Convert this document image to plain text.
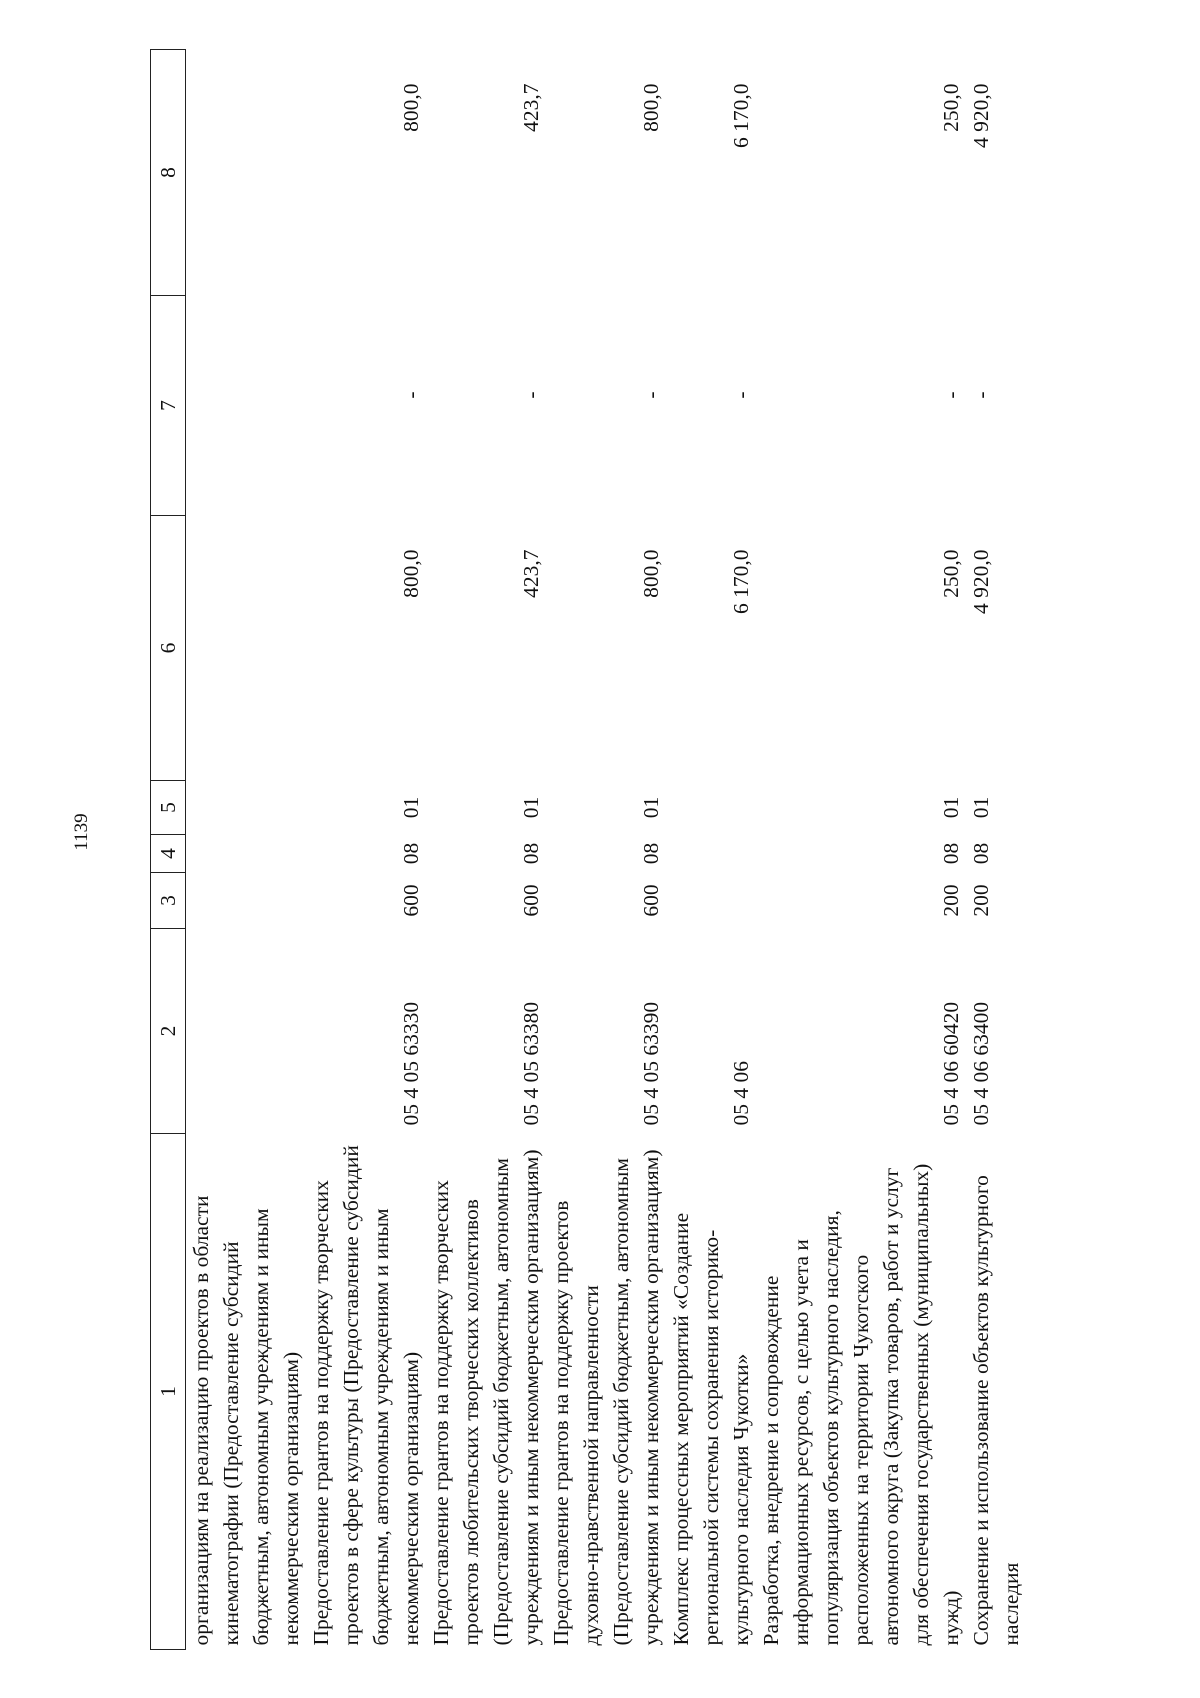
1139
1	2	3	4	5	6	7	8
организациям на реализацию проектов в области кинематографии (Предоставление субсидий бюджетным, автономным учреждениям и иным некоммерческим организациям)							
Предоставление грантов на поддержку творческих проектов в сфере культуры (Предоставление субсидий бюджетным, автономным учреждениям и иным некоммерческим организациям)	05 4 05 63330	600	08	01	800,0	-	800,0
Предоставление грантов на поддержку творческих проектов любительских творческих коллективов (Предоставление субсидий бюджетным, автономным учреждениям и иным некоммерческим организациям)	05 4 05 63380	600	08	01	423,7	-	423,7
Предоставление грантов на поддержку проектов духовно-нравственной направленности (Предоставление субсидий бюджетным, автономным учреждениям и иным некоммерческим организациям)	05 4 05 63390	600	08	01	800,0	-	800,0
Комплекс процессных мероприятий «Создание региональной системы сохранения историко-культурного наследия Чукотки»	05 4 06				6 170,0	-	6 170,0
Разработка, внедрение и сопровождение информационных ресурсов, с целью учета и популяризация объектов культурного наследия, расположенных на территории Чукотского автономного округа (Закупка товаров, работ и услуг для обеспечения государственных (муниципальных) нужд)	05 4 06 60420	200	08	01	250,0	-	250,0

Сохранение и использование объектов культурного наследия	05 4 06 63400	200	08	01	4 920,0	-	4 920,0
